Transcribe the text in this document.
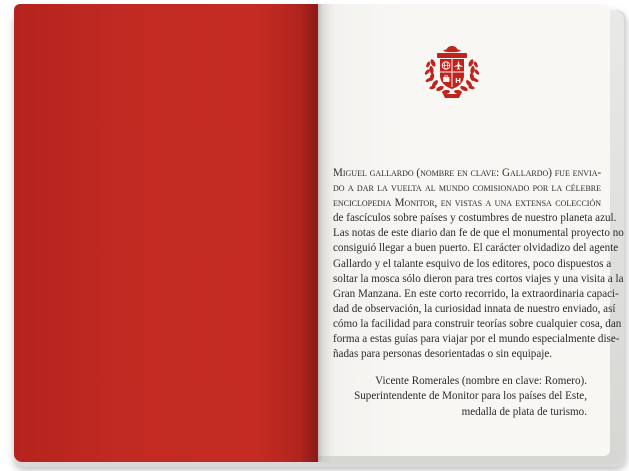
H
Miguel gallardo (nombre en clave: Gallardo) fue envia-
do a dar la vuelta al mundo comisionado por la célebre
enciclopedia Monitor, en vistas a una extensa colección
de fascículos sobre países y costumbres de nuestro planeta azul.
Las notas de este diario dan fe de que el monumental proyecto no
consiguió llegar a buen puerto. El carácter olvidadizo del agente
Gallardo y el talante esquivo de los editores, poco dispuestos a
soltar la mosca sólo dieron para tres cortos viajes y una visita a la
Gran Manzana. En este corto recorrido, la extraordinaria capaci-
dad de observación, la curiosidad innata de nuestro enviado, así
cómo la facilidad para construir teorías sobre cualquier cosa, dan
forma a estas guías para viajar por el mundo especialmente dise-
ñadas para personas desorientadas o sin equipaje.
Vicente Romerales (nombre en clave: Romero).
Superintendente de Monitor para los países del Este,
medalla de plata de turismo.
